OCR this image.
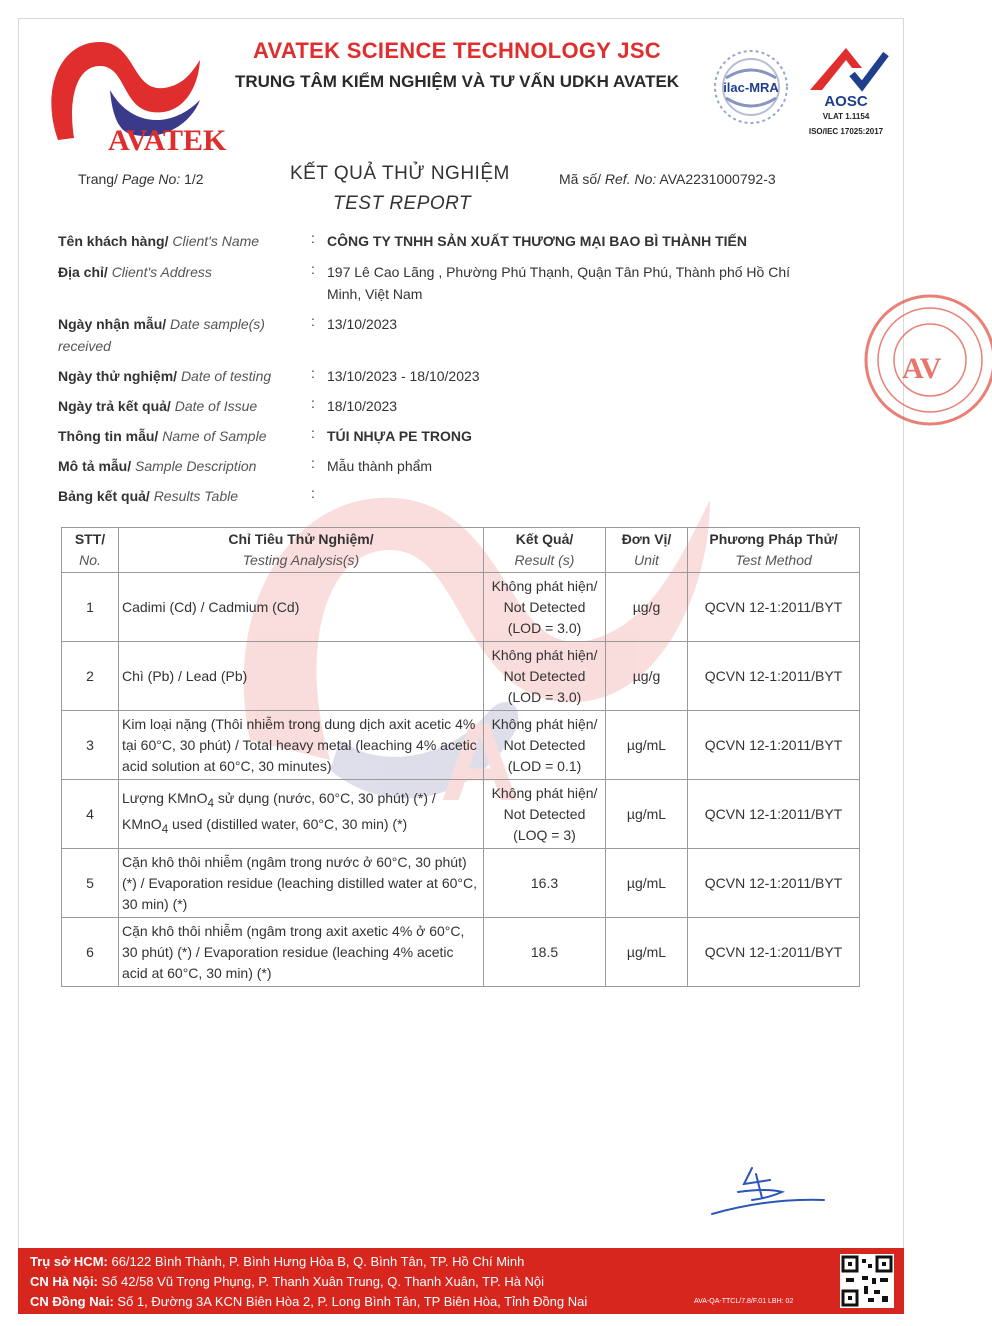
A
AVATEK
AVATEK SCIENCE TECHNOLOGY JSC
TRUNG TÂM KIỂM NGHIỆM VÀ TƯ VẤN UDKH AVATEK	ilac-MRA
AOSC
VLAT 1.1154
ISO/IEC 17025:2017
Trang/ Page No: 1/2	KẾT QUẢ THỬ NGHIỆM
TEST REPORT
Mã số/ Ref. No: AVA2231000792-3
Tên khách hàng/ Client's Name	: CÔNG TY TNHH SẢN XUẤT THƯƠNG MẠI BAO BÌ THÀNH TIẾN
Địa chỉ/ Client's Address	: 197 Lê Cao Lãng , Phường Phú Thạnh, Quận Tân Phú, Thành phố Hồ Chí Minh, Việt Nam
Ngày nhận mẫu/ Date sample(s) received
: 13/10/2023
Ngày thử nghiệm/ Date of testing	: 13/10/2023 - 18/10/2023
Ngày trả kết quả/ Date of Issue	: 18/10/2023
Thông tin mẫu/ Name of Sample	: TÚI NHỰA PE TRONG
Mô tả mẫu/ Sample Description	: Mẫu thành phẩm
Bảng kết quả/ Results Table	:
AV
STT/
No.	Chỉ Tiêu Thử Nghiệm/
Testing Analysis(s)	Kết Quả/
Result (s)	Đơn Vị/
Unit	Phương Pháp Thử/
Test Method
1	Cadimi (Cd) / Cadmium (Cd)	Không phát hiện/
Not Detected
(LOD = 3.0)	µg/g	QCVN 12-1:2011/BYT
2	Chì (Pb) / Lead (Pb)	Không phát hiện/
Not Detected
(LOD = 3.0)	µg/g	QCVN 12-1:2011/BYT
3	Kim loại nặng (Thôi nhiễm trong dung dịch axit acetic 4% tại 60°C, 30 phút) / Total heavy metal (leaching 4% acetic acid solution at 60°C, 30 minutes)	Không phát hiện/
Not Detected
(LOD = 0.1)	µg/mL	QCVN 12-1:2011/BYT
4	Lượng KMnO$_4$ sử dụng (nước, 60°C, 30 phút) (*) /
KMnO$_4$ used (distilled water, 60°C, 30 min) (*)	Không phát hiện/
Not Detected
(LOQ = 3)	µg/mL	QCVN 12-1:2011/BYT
5	Cặn khô thôi nhiễm (ngâm trong nước ở 60°C, 30 phút) (*) / Evaporation residue (leaching distilled water at 60°C, 30 min) (*)	16.3	µg/mL	QCVN 12-1:2011/BYT
6	Cặn khô thôi nhiễm (ngâm trong axit axetic 4% ở 60°C, 30 phút) (*) / Evaporation residue (leaching 4% acetic acid at 60°C, 30 min) (*)	18.5	µg/mL	QCVN 12-1:2011/BYT
Trụ sở HCM: 66/122 Bình Thành, P. Bình Hưng Hòa B, Q. Bình Tân, TP. Hồ Chí Minh
CN Hà Nội: Số 42/58 Vũ Trọng Phụng, P. Thanh Xuân Trung, Q. Thanh Xuân, TP. Hà Nội
CN Đồng Nai: Số 1, Đường 3A KCN Biên Hòa 2, P. Long Bình Tân, TP Biên Hòa, Tỉnh Đồng Nai	AVA-QA-TTCL/7.8/F.01 LBH: 02
